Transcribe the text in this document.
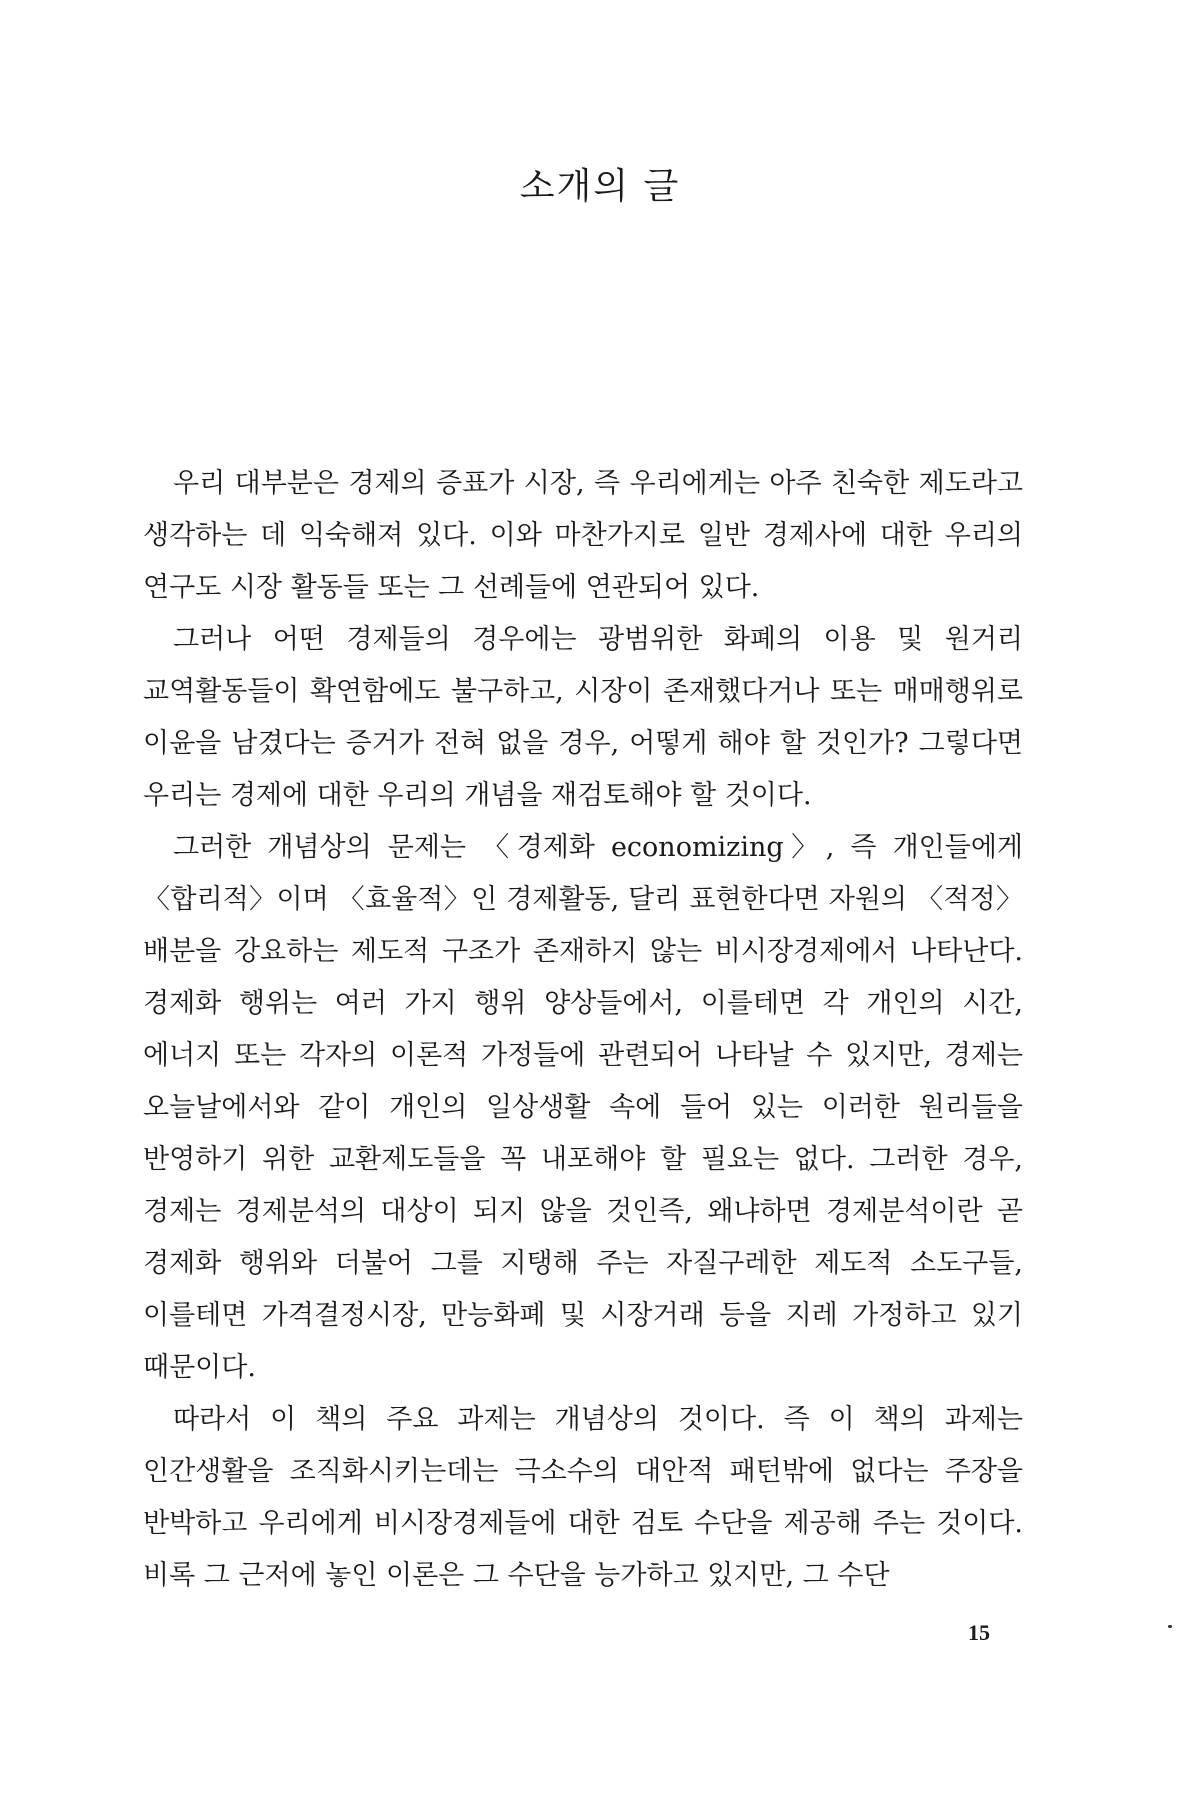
소개의 글

우리 대부분은 경제의 증표가 시장, 즉 우리에게는 아주 친숙한 제도라고 생각하는 데 익숙해져 있다. 이와 마찬가지로 일반 경제사에 대한 우리의 연구도 시장 활동들 또는 그 선례들에 연관되어 있다.

그러나 어떤 경제들의 경우에는 광범위한 화폐의 이용 및 원거리 교역활동들이 확연함에도 불구하고, 시장이 존재했다거나 또는 매매행위로 이윤을 남겼다는 증거가 전혀 없을 경우, 어떻게 해야 할 것인가? 그렇다면 우리는 경제에 대한 우리의 개념을 재검토해야 할 것이다.

그러한 개념상의 문제는 〈경제화 economizing〉, 즉 개인들에게 〈합리적〉이며 〈효율적〉인 경제활동, 달리 표현한다면 자원의 〈적정〉 배분을 강요하는 제도적 구조가 존재하지 않는 비시장경제에서 나타난다. 경제화 행위는 여러 가지 행위 양상들에서, 이를테면 각 개인의 시간, 에너지 또는 각자의 이론적 가정들에 관련되어 나타날 수 있지만, 경제는 오늘날에서와 같이 개인의 일상생활 속에 들어 있는 이러한 원리들을 반영하기 위한 교환제도들을 꼭 내포해야 할 필요는 없다. 그러한 경우, 경제는 경제분석의 대상이 되지 않을 것인즉, 왜냐하면 경제분석이란 곧 경제화 행위와 더불어 그를 지탱해 주는 자질구레한 제도적 소도구들, 이를테면 가격결정시장, 만능화폐 및 시장거래 등을 지레 가정하고 있기 때문이다.

따라서 이 책의 주요 과제는 개념상의 것이다. 즉 이 책의 과제는 인간생활을 조직화시키는데는 극소수의 대안적 패턴밖에 없다는 주장을 반박하고 우리에게 비시장경제들에 대한 검토 수단을 제공해 주는 것이다. 비록 그 근저에 놓인 이론은 그 수단을 능가하고 있지만, 그 수단

15
